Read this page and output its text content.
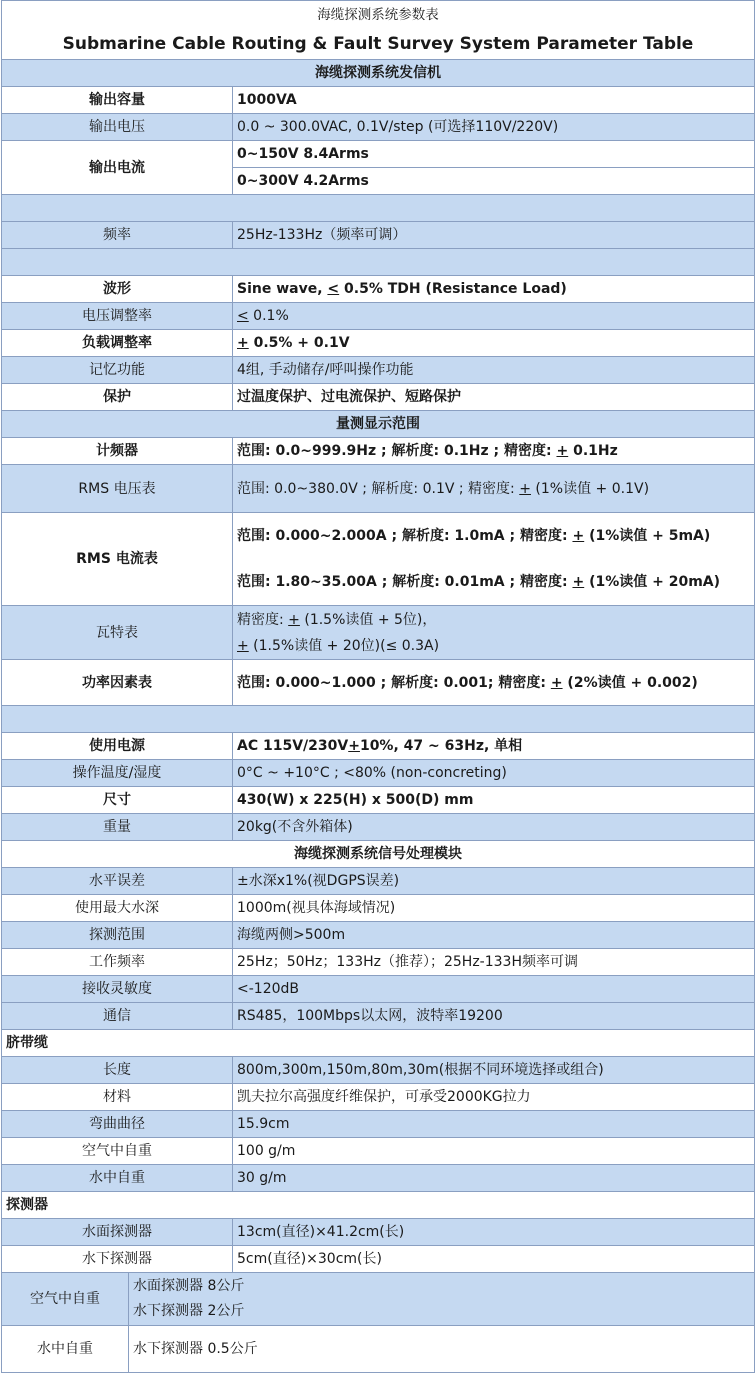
海缆探测系统参数表		
Submarine Cable Routing & Fault Survey System Parameter Table		
海缆探测系统发信机		
输出容量		1000VA
输出电压		0.0 ~ 300.0VAC, 0.1V/step (可选择110V/220V)
输出电流		0~150V 8.4Arms
		0~300V 4.2Arms

频率		25Hz-133Hz（频率可调）

波形		Sine wave, < 0.5% TDH (Resistance Load)
电压调整率		< 0.1%
负载调整率		+ 0.5% + 0.1V
记忆功能		4组, 手动储存/呼叫操作功能
保护		过温度保护、过电流保护、短路保护
量测显示范围		
计频器		范围: 0.0~999.9Hz ; 解析度: 0.1Hz ; 精密度: + 0.1Hz
RMS 电压表		范围: 0.0~380.0V ; 解析度: 0.1V ; 精密度: + (1%读值 + 0.1V)
RMS 电流表		范围: 0.000~2.000A ; 解析度: 1.0mA ; 精密度: + (1%读值 + 5mA)
范围: 1.80~35.00A ; 解析度: 0.01mA ; 精密度: + (1%读值 + 20mA)

瓦特表		精密度: + (1.5%读值 + 5位)，
+ (1.5%读值 + 20位)(≤ 0.3A)

功率因素表		范围: 0.000~1.000 ; 解析度: 0.001; 精密度: + (2%读值 + 0.002)

使用电源		AC 115V/230V+10%, 47 ~ 63Hz, 单相
操作温度/湿度		0°C ~ +10°C ; <80% (non-concreting)
尺寸		430(W) x 225(H) x 500(D) mm
重量		20kg(不含外箱体)
海缆探测系统信号处理模块		
水平误差		±水深x1%(视DGPS误差)
使用最大水深		1000m(视具体海域情况)
探测范围		海缆两侧>500m
工作频率		25Hz；50Hz；133Hz（推荐）；25Hz-133H频率可调
接收灵敏度		<-120dB
通信		RS485，100Mbps以太网，波特率19200
脐带缆		
长度		800m,300m,150m,80m,30m(根据不同环境选择或组合)
材料		凯夫拉尔高强度纤维保护，可承受2000KG拉力
弯曲曲径		15.9cm
空气中自重		100 g/m
水中自重		30 g/m
探测器		
水面探测器		13cm(直径)×41.2cm(长)
水下探测器		5cm(直径)×30cm(长)
空气中自重	水面探测器 8公斤
水下探测器 2公斤	

水中自重	水下探测器 0.5公斤	
